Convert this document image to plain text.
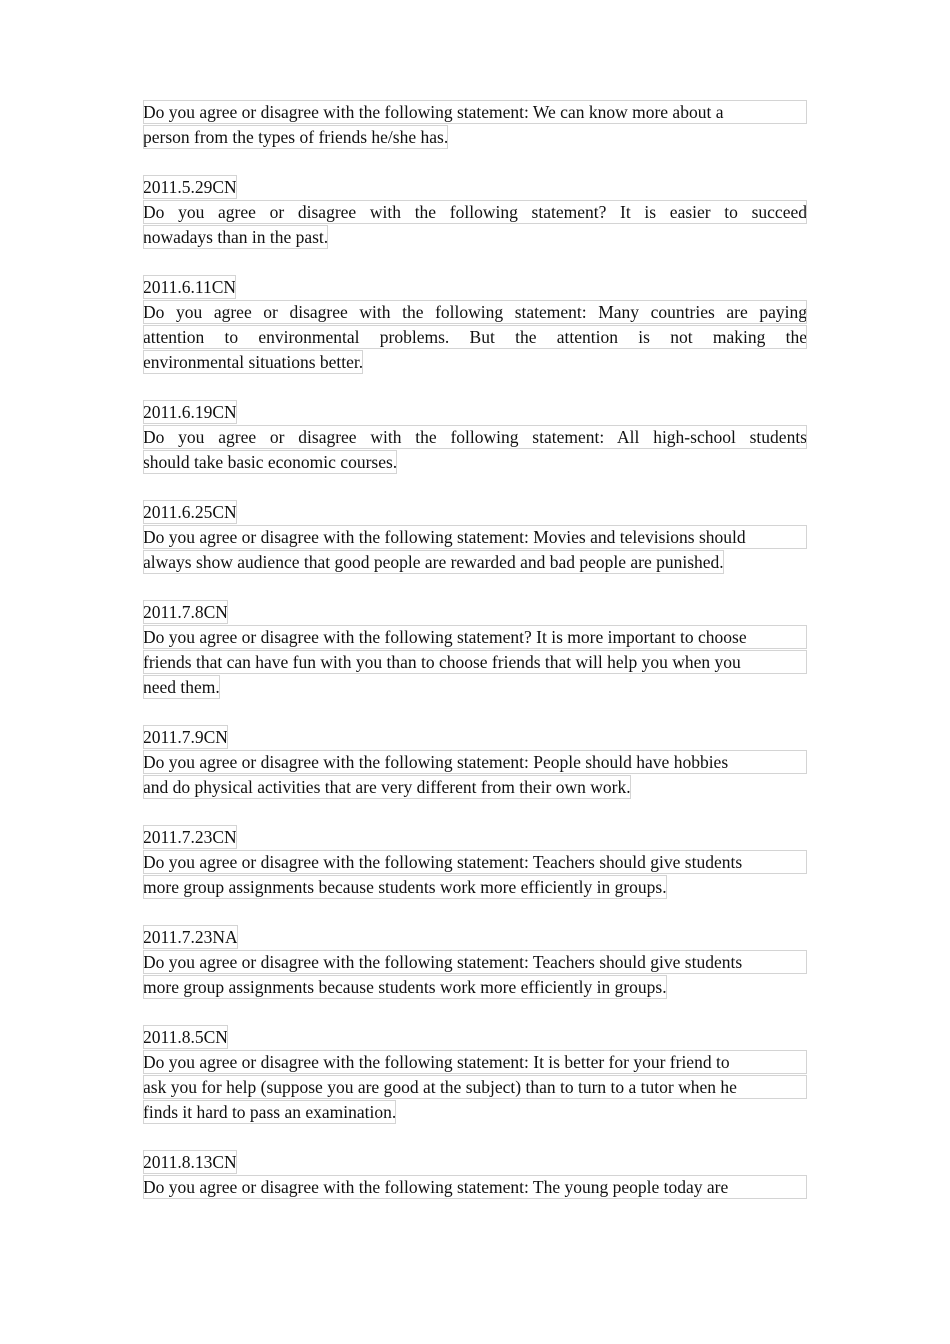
Do you agree or disagree with the following statement: We can know more about a
person from the types of friends he/she has.
2011.5.29CN
Do you agree or disagree with the following statement? It is easier to succeed
nowadays than in the past.
2011.6.11CN
Do you agree or disagree with the following statement: Many countries are paying
attention to environmental problems. But the attention is not making the
environmental situations better.
2011.6.19CN
Do you agree or disagree with the following statement: All high-school students
should take basic economic courses.
2011.6.25CN
Do you agree or disagree with the following statement: Movies and televisions should
always show audience that good people are rewarded and bad people are punished.
2011.7.8CN
Do you agree or disagree with the following statement? It is more important to choose
friends that can have fun with you than to choose friends that will help you when you
need them.
2011.7.9CN
Do you agree or disagree with the following statement: People should have hobbies
and do physical activities that are very different from their own work.
2011.7.23CN
Do you agree or disagree with the following statement: Teachers should give students
more group assignments because students work more efficiently in groups.
2011.7.23NA
Do you agree or disagree with the following statement: Teachers should give students
more group assignments because students work more efficiently in groups.
2011.8.5CN
Do you agree or disagree with the following statement: It is better for your friend to
ask you for help (suppose you are good at the subject) than to turn to a tutor when he
finds it hard to pass an examination.
2011.8.13CN
Do you agree or disagree with the following statement: The young people today are
